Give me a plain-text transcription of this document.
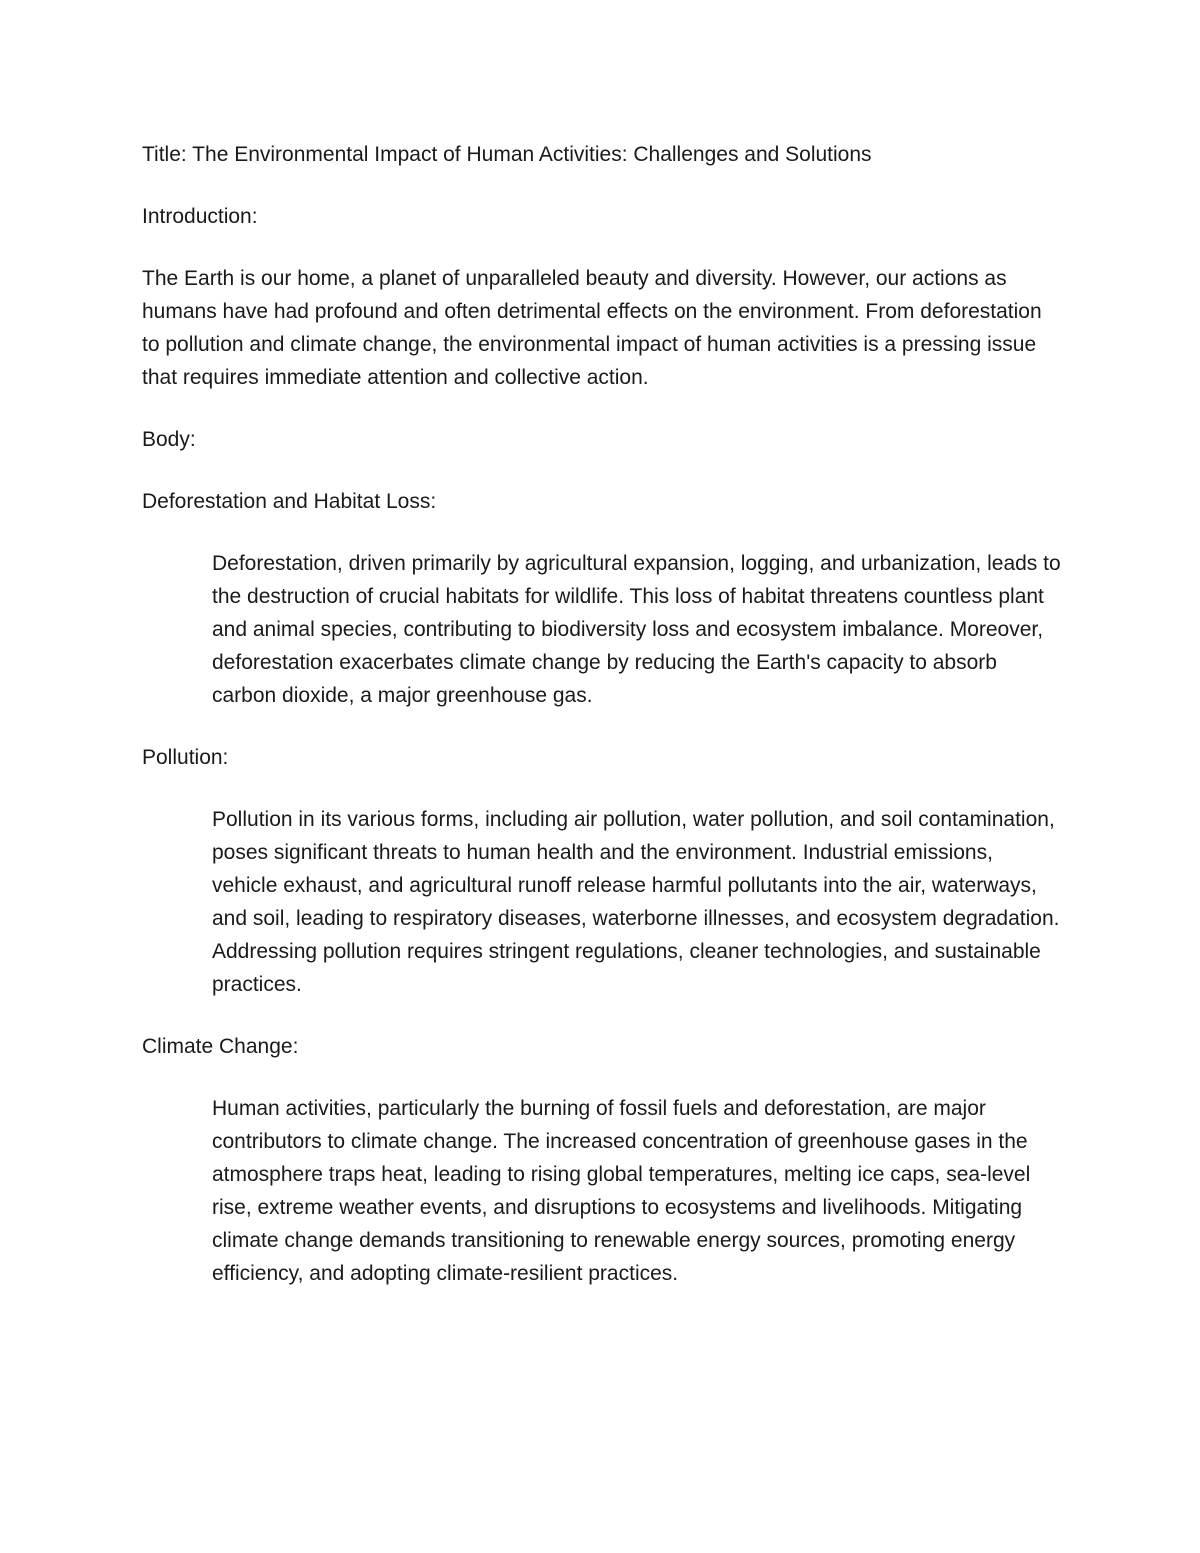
Title: The Environmental Impact of Human Activities: Challenges and Solutions

Introduction:

The Earth is our home, a planet of unparalleled beauty and diversity. However, our actions as humans have had profound and often detrimental effects on the environment. From deforestation to pollution and climate change, the environmental impact of human activities is a pressing issue that requires immediate attention and collective action.

Body:

Deforestation and Habitat Loss:

Deforestation, driven primarily by agricultural expansion, logging, and urbanization, leads to the destruction of crucial habitats for wildlife. This loss of habitat threatens countless plant and animal species, contributing to biodiversity loss and ecosystem imbalance. Moreover, deforestation exacerbates climate change by reducing the Earth's capacity to absorb carbon dioxide, a major greenhouse gas.

Pollution:

Pollution in its various forms, including air pollution, water pollution, and soil contamination, poses significant threats to human health and the environment. Industrial emissions, vehicle exhaust, and agricultural runoff release harmful pollutants into the air, waterways, and soil, leading to respiratory diseases, waterborne illnesses, and ecosystem degradation. Addressing pollution requires stringent regulations, cleaner technologies, and sustainable practices.

Climate Change:

Human activities, particularly the burning of fossil fuels and deforestation, are major contributors to climate change. The increased concentration of greenhouse gases in the atmosphere traps heat, leading to rising global temperatures, melting ice caps, sea-level rise, extreme weather events, and disruptions to ecosystems and livelihoods. Mitigating climate change demands transitioning to renewable energy sources, promoting energy efficiency, and adopting climate-resilient practices.
